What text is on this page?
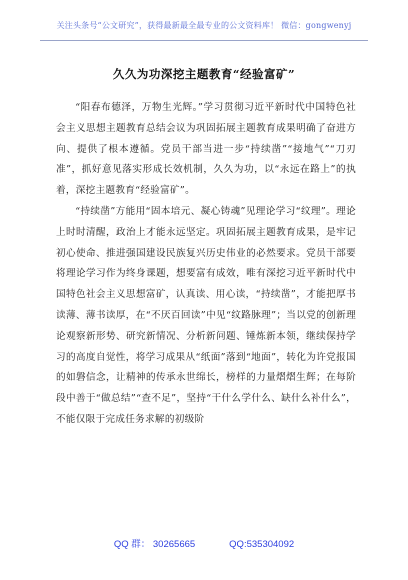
关注头条号“公文研究”，获得最新最全最专业的公文资料库！ 微信：gongwenyj
久久为功深挖主题教育“经验富矿”

“阳春布德泽，万物生光辉。”学习贯彻习近平新时代中国特色社会主义思想主题教育总结会议为巩固拓展主题教育成果明确了奋进方向、提供了根本遵循。党员干部当进一步“持续凿”“接地气”“刀刃准”，抓好意见落实形成长效机制，久久为功，以“永远在路上”的执着，深挖主题教育“经验富矿”。

“持续凿”方能用“固本培元、凝心铸魂”见理论学习“纹理”。理论上时时清醒，政治上才能永远坚定。巩固拓展主题教育成果，是牢记初心使命、推进强国建设民族复兴历史伟业的必然要求。党员干部要将理论学习作为终身课题，想要富有成效，唯有深挖习近平新时代中国特色社会主义思想富矿，认真读、用心读，“持续凿”，才能把厚书读薄、薄书读厚，在“不厌百回读”中见“纹路脉理”；当以党的创新理论观察新形势、研究新情况、分析新问题、锤炼新本领，继续保持学习的高度自觉性，将学习成果从“纸面”落到“地面”，转化为许党报国的如磐信念，让精神的传承永世绵长，榜样的力量熠熠生辉；在每阶段中善于“做总结”“查不足”，坚持“干什么学什么、缺什么补什么”，不能仅限于完成任务求解的初级阶

QQ 群： 30265665	QQ:535304092
